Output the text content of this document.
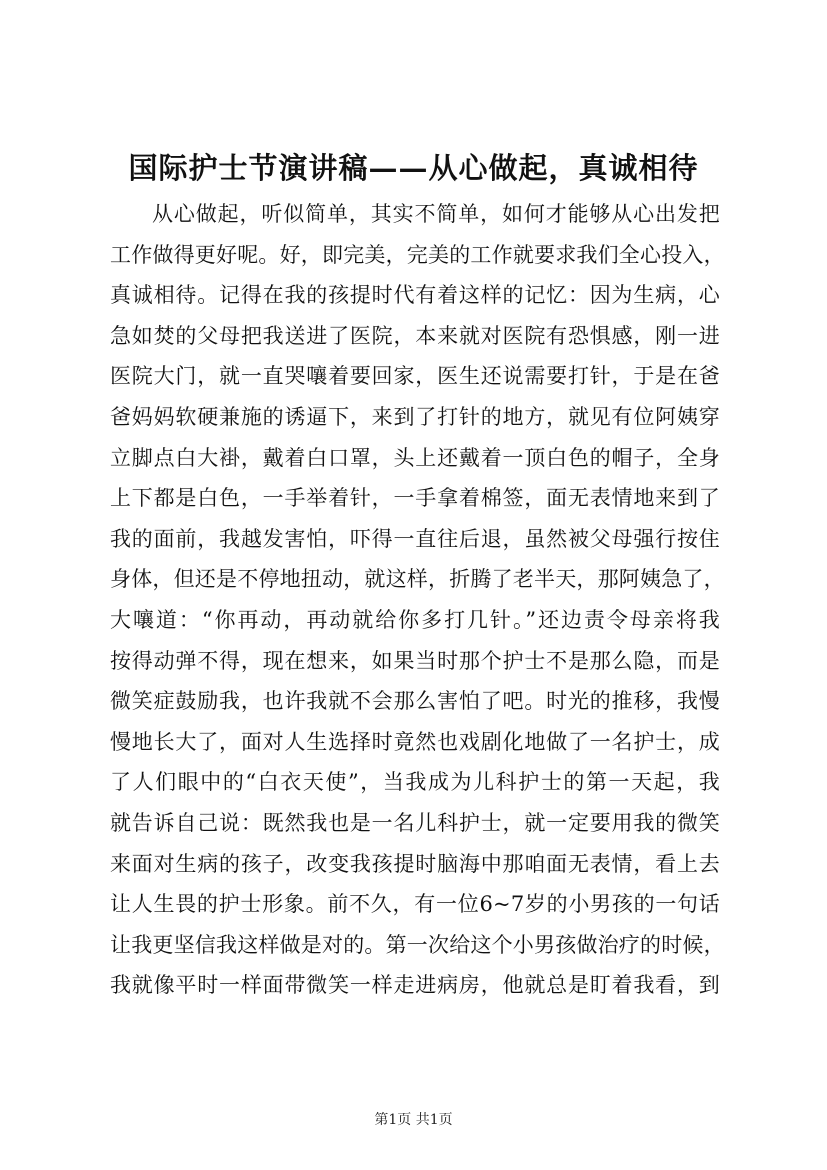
国际护士节演讲稿——从心做起，真诚相待
从心做起，听似简单，其实不简单，如何才能够从心出发把
工作做得更好呢。好，即完美，完美的工作就要求我们全心投入，
真诚相待。记得在我的孩提时代有着这样的记忆：因为生病，心
急如焚的父母把我送进了医院，本来就对医院有恐惧感，刚一进
医院大门，就一直哭嚷着要回家，医生还说需要打针，于是在爸
爸妈妈软硬兼施的诱逼下，来到了打针的地方，就见有位阿姨穿
立脚点白大褂，戴着白口罩，头上还戴着一顶白色的帽子，全身
上下都是白色，一手举着针，一手拿着棉签，面无表情地来到了
我的面前，我越发害怕，吓得一直往后退，虽然被父母强行按住
身体，但还是不停地扭动，就这样，折腾了老半天，那阿姨急了，
大嚷道：“你再动，再动就给你多打几针。”还边责令母亲将我
按得动弹不得，现在想来，如果当时那个护士不是那么隐，而是
微笑症鼓励我，也许我就不会那么害怕了吧。时光的推移，我慢
慢地长大了，面对人生选择时竟然也戏剧化地做了一名护士，成
了人们眼中的“白衣天使”，当我成为儿科护士的第一天起，我
就告诉自己说：既然我也是一名儿科护士，就一定要用我的微笑
来面对生病的孩子，改变我孩提时脑海中那咱面无表情，看上去
让人生畏的护士形象。前不久，有一位6~7岁的小男孩的一句话
让我更坚信我这样做是对的。第一次给这个小男孩做治疗的时候，
我就像平时一样面带微笑一样走进病房，他就总是盯着我看，到
第1页 共1页
